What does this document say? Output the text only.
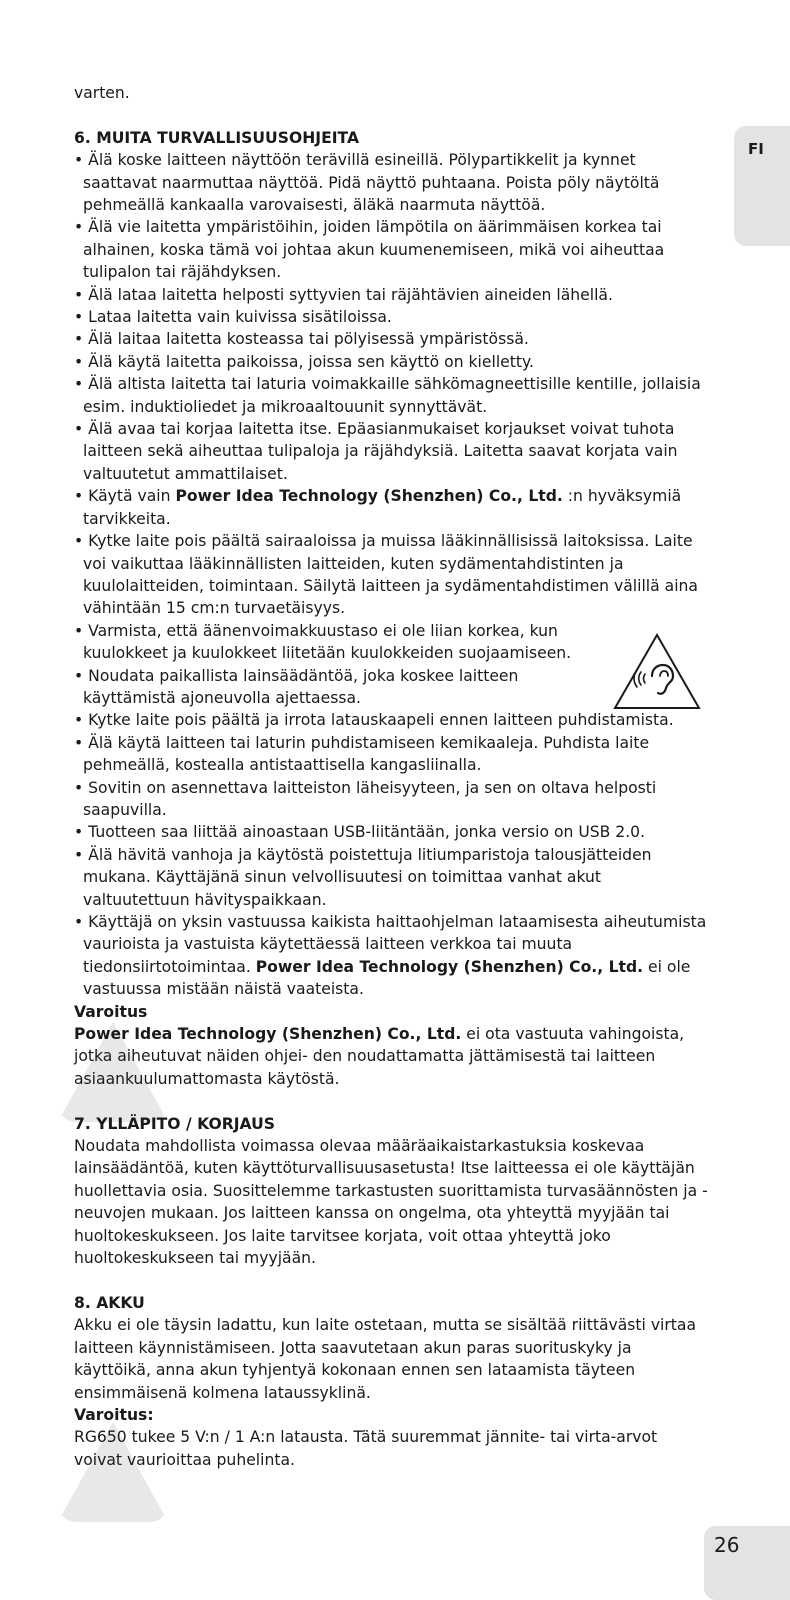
FI
varten.
6. MUITA TURVALLISUUSOHJEITA
• Älä koske laitteen näyttöön terävillä esineillä. Pölypartikkelit ja kynnet saattavat naarmuttaa näyttöä. Pidä näyttö puhtaana. Poista pöly näytöltä pehmeällä kankaalla varovaisesti, äläkä naarmuta näyttöä.
• Älä vie laitetta ympäristöihin, joiden lämpötila on äärimmäisen korkea tai alhainen, koska tämä voi johtaa akun kuumenemiseen, mikä voi aiheuttaa tulipalon tai räjähdyksen.
• Älä lataa laitetta helposti syttyvien tai räjähtävien aineiden lähellä.
• Lataa laitetta vain kuivissa sisätiloissa.
• Älä laitaa laitetta kosteassa tai pölyisessä ympäristössä.
• Älä käytä laitetta paikoissa, joissa sen käyttö on kielletty.
• Älä altista laitetta tai laturia voimakkaille sähkömagneettisille kentille, jollaisia esim. induktioliedet ja mikroaaltouunit synnyttävät.
• Älä avaa tai korjaa laitetta itse. Epäasianmukaiset korjaukset voivat tuhota laitteen sekä aiheuttaa tulipaloja ja räjähdyksiä. Laitetta saavat korjata vain valtuutetut ammattilaiset.
• Käytä vain Power Idea Technology (Shenzhen) Co., Ltd. :n hyväksymiä tarvikkeita.
• Kytke laite pois päältä sairaaloissa ja muissa lääkinnällisissä laitoksissa. Laite voi vaikuttaa lääkinnällisten laitteiden, kuten sydämentahdistinten ja kuulolaitteiden, toimintaan. Säilytä laitteen ja sydämentahdistimen välillä aina vähintään 15 cm:n turvaetäisyys.
• Varmista, että äänenvoimakkuustaso ei ole liian korkea, kun kuulokkeet ja kuulokkeet liitetään kuulokkeiden suojaamiseen.
• Noudata paikallista lainsäädäntöä, joka koskee laitteen käyttämistä ajoneuvolla ajettaessa.
• Kytke laite pois päältä ja irrota latauskaapeli ennen laitteen puhdistamista.
• Älä käytä laitteen tai laturin puhdistamiseen kemikaaleja. Puhdista laite pehmeällä, kostealla antistaattisella kangasliinalla.
• Sovitin on asennettava laitteiston läheisyyteen, ja sen on oltava helposti saapuvilla.
• Tuotteen saa liittää ainoastaan USB-liitäntään, jonka versio on USB 2.0.
• Älä hävitä vanhoja ja käytöstä poistettuja litiumparistoja talousjätteiden mukana. Käyttäjänä sinun velvollisuutesi on toimittaa vanhat akut valtuutettuun hävityspaikkaan.
• Käyttäjä on yksin vastuussa kaikista haittaohjelman lataamisesta aiheutumista vaurioista ja vastuista käytettäessä laitteen verkkoa tai muuta tiedonsiirtotoimintaa. Power Idea Technology (Shenzhen) Co., Ltd. ei ole vastuussa mistään näistä vaateista.
Varoitus

Power Idea Technology (Shenzhen) Co., Ltd. ei ota vastuuta vahingoista, jotka aiheutuvat näiden ohjei- den noudattamatta jättämisestä tai laitteen asiaankuulumattomasta käytöstä.

7. YLLÄPITO / KORJAUS

Noudata mahdollista voimassa olevaa määräaikaistarkastuksia koskevaa lainsäädäntöä, kuten käyttöturvallisuusasetusta! Itse laitteessa ei ole käyttäjän huollettavia osia. Suosittelemme tarkastusten suorittamista turvasäännösten ja -neuvojen mukaan. Jos laitteen kanssa on ongelma, ota yhteyttä myyjään tai huoltokeskukseen. Jos laite tarvitsee korjata, voit ottaa yhteyttä joko huoltokeskukseen tai myyjään.

8. AKKU

Akku ei ole täysin ladattu, kun laite ostetaan, mutta se sisältää riittävästi virtaa laitteen käynnistämiseen. Jotta saavutetaan akun paras suorituskyky ja käyttöikä, anna akun tyhjentyä kokonaan ennen sen lataamista täyteen ensimmäisenä kolmena lataussyklinä.

Varoitus:

RG650 tukee 5 V:n / 1 A:n latausta. Tätä suuremmat jännite- tai virta-arvot voivat vaurioittaa puhelinta.

26
